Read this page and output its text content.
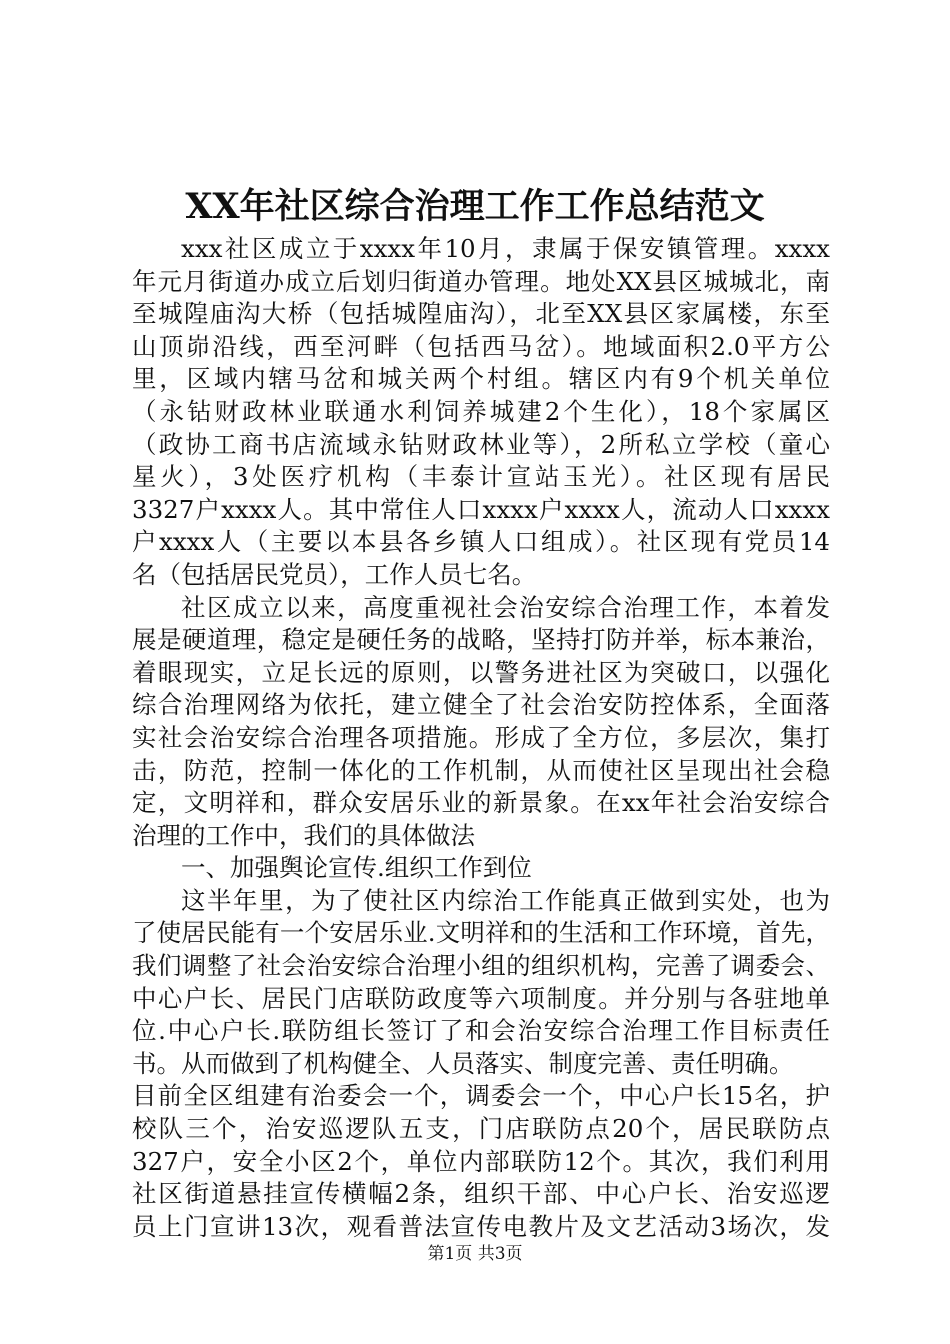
XX年社区综合治理工作工作总结范文
xxx社区成立于xxxx年10月，隶属于保安镇管理。xxxx
年元月街道办成立后划归街道办管理。地处XX县区城城北，南
至城隍庙沟大桥（包括城隍庙沟），北至XX县区家属楼，东至
山顶峁沿线，西至河畔（包括西马岔）。地域面积2.0平方公
里，区域内辖马岔和城关两个村组。辖区内有9个机关单位
（永钻财政林业联通水利饲养城建2个生化），18个家属区
（政协工商书店流域永钻财政林业等），2所私立学校（童心
星火），3处医疗机构（丰泰计宣站玉光）。社区现有居民
3327户xxxx人。其中常住人口xxxx户xxxx人，流动人口xxxx
户xxxx人（主要以本县各乡镇人口组成）。社区现有党员14
名（包括居民党员），工作人员七名。
社区成立以来，高度重视社会治安综合治理工作，本着发
展是硬道理，稳定是硬任务的战略，坚持打防并举，标本兼治，
着眼现实，立足长远的原则，以警务进社区为突破口，以强化
综合治理网络为依托，建立健全了社会治安防控体系，全面落
实社会治安综合治理各项措施。形成了全方位，多层次，集打
击，防范，控制一体化的工作机制，从而使社区呈现出社会稳
定，文明祥和，群众安居乐业的新景象。在xx年社会治安综合
治理的工作中，我们的具体做法
一、加强舆论宣传.组织工作到位
这半年里，为了使社区内综治工作能真正做到实处，也为
了使居民能有一个安居乐业.文明祥和的生活和工作环境，首先，
我们调整了社会治安综合治理小组的组织机构，完善了调委会、
中心户长、居民门店联防政度等六项制度。并分别与各驻地单
位.中心户长.联防组长签订了和会治安综合治理工作目标责任
书。从而做到了机构健全、人员落实、制度完善、责任明确。
目前全区组建有治委会一个，调委会一个，中心户长15名，护
校队三个，治安巡逻队五支，门店联防点20个，居民联防点
327户，安全小区2个，单位内部联防12个。其次，我们利用
社区街道悬挂宣传横幅2条，组织干部、中心户长、治安巡逻
员上门宣讲13次，观看普法宣传电教片及文艺活动3场次，发
第1页 共3页
